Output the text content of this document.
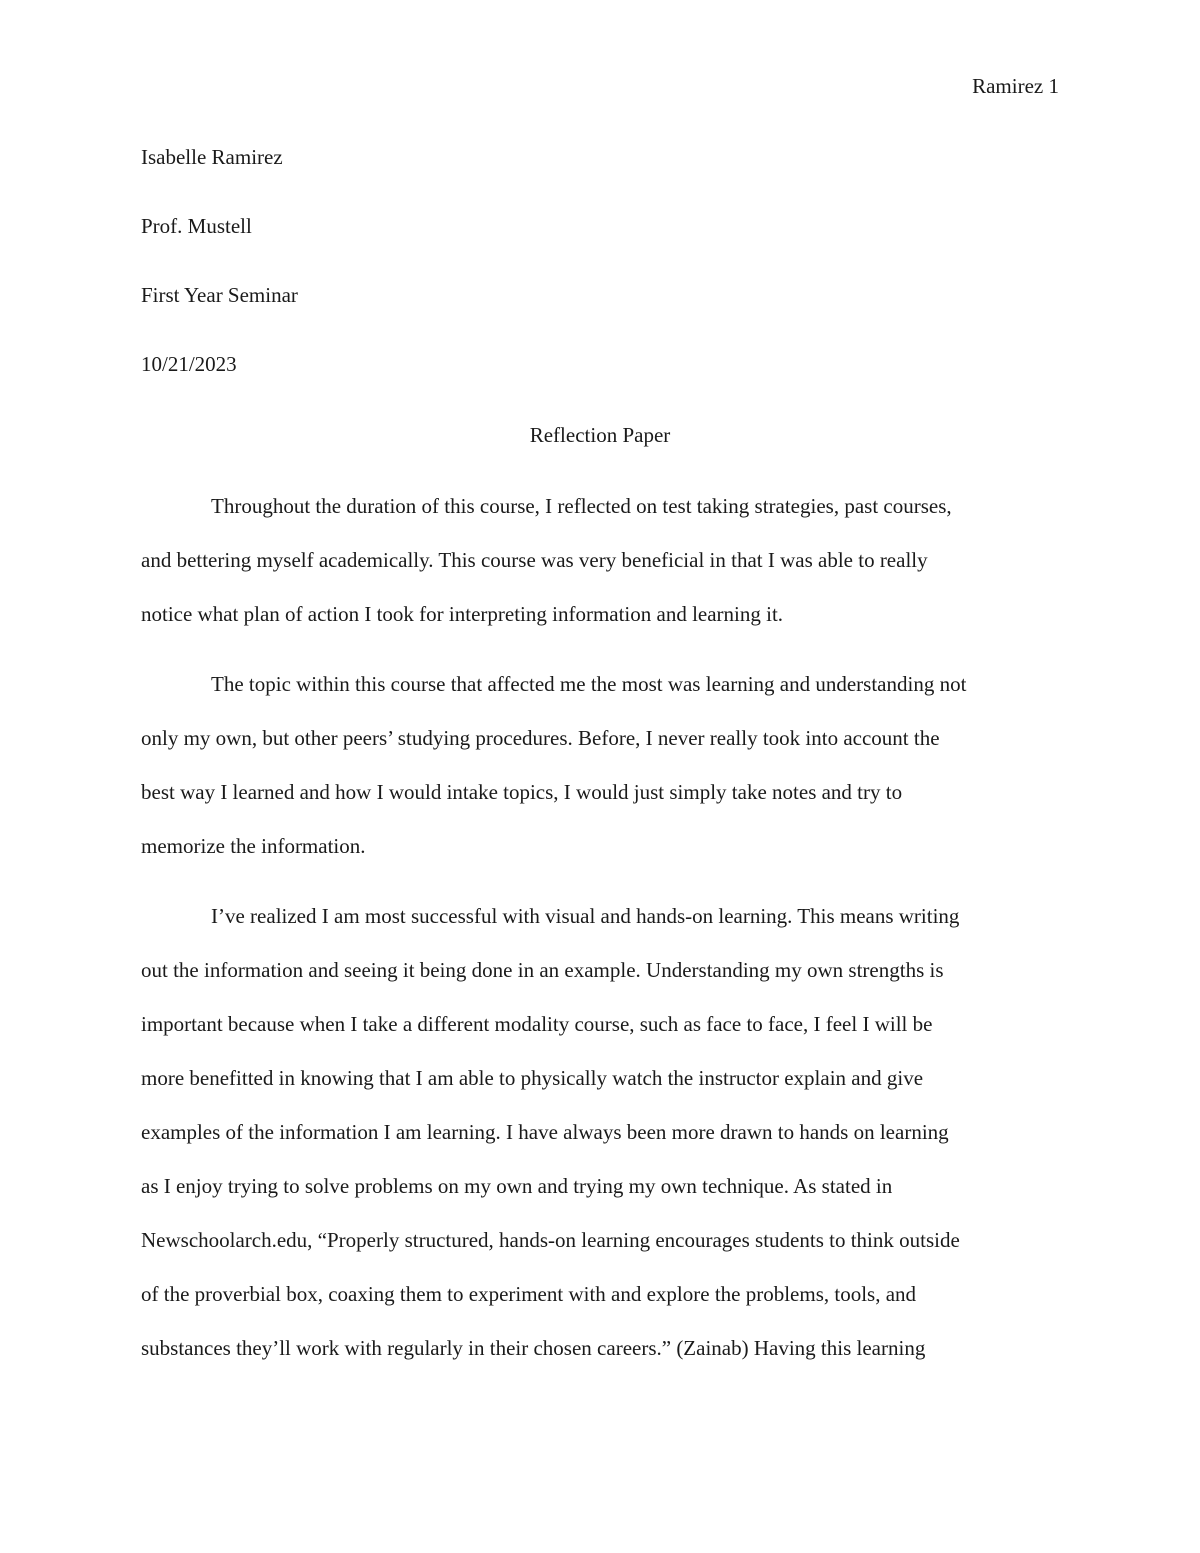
Ramirez 1
Isabelle Ramirez
Prof. Mustell
First Year Seminar
10/21/2023
Reflection Paper
Throughout the duration of this course, I reflected on test taking strategies, past courses,
and bettering myself academically. This course was very beneficial in that I was able to really
notice what plan of action I took for interpreting information and learning it.
The topic within this course that affected me the most was learning and understanding not
only my own, but other peers’ studying procedures. Before, I never really took into account the
best way I learned and how I would intake topics, I would just simply take notes and try to
memorize the information.
I’ve realized I am most successful with visual and hands-on learning. This means writing
out the information and seeing it being done in an example. Understanding my own strengths is
important because when I take a different modality course, such as face to face, I feel I will be
more benefitted in knowing that I am able to physically watch the instructor explain and give
examples of the information I am learning. I have always been more drawn to hands on learning
as I enjoy trying to solve problems on my own and trying my own technique. As stated in
Newschoolarch.edu, “Properly structured, hands-on learning encourages students to think outside
of the proverbial box, coaxing them to experiment with and explore the problems, tools, and
substances they’ll work with regularly in their chosen careers.” (Zainab) Having this learning
